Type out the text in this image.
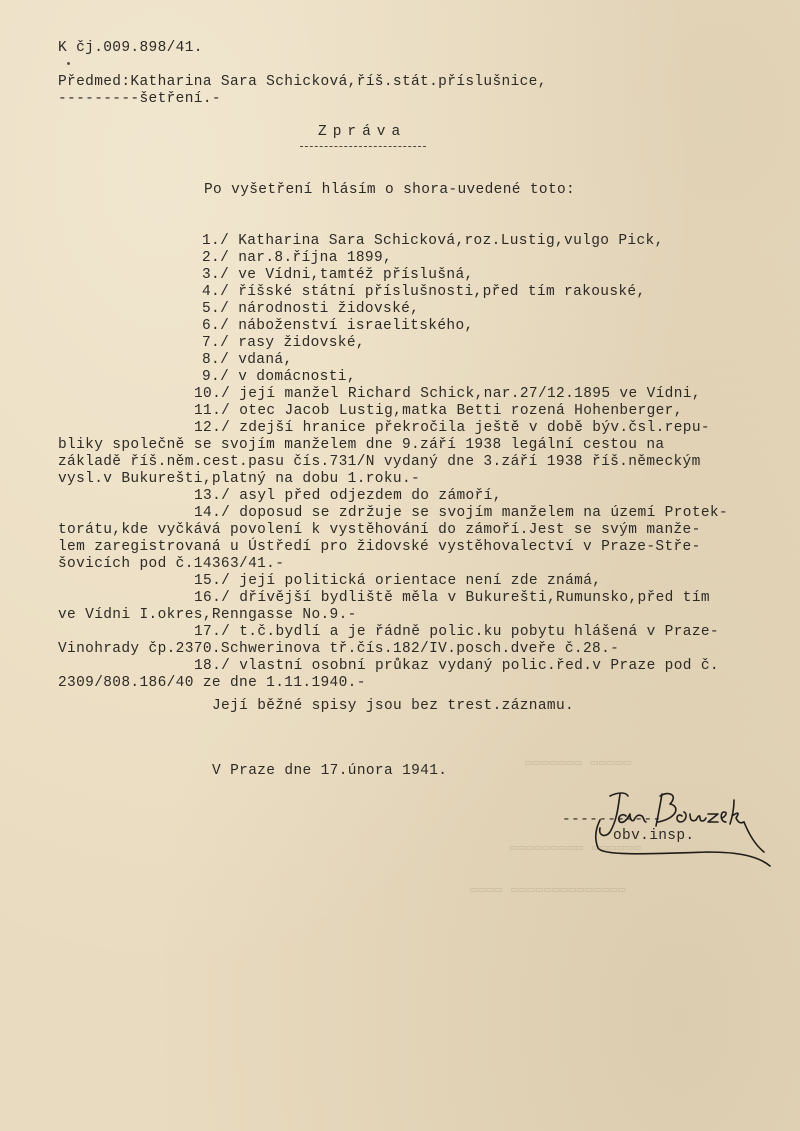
K čj.009.898/41.
Předmed:Katharina Sara Schicková,říš.stát.příslušnice,
---------šetření.-
Zpráva
Po vyšetření hlásím o shora-uvedené toto:
1./ Katharina Sara Schicková,roz.Lustig,vulgo Pick,
2./ nar.8.října 1899,
3./ ve Vídni,tamtéž příslušná,
4./ říšské státní příslušnosti,před tím rakouské,
5./ národnosti židovské,
6./ náboženství israelitského,
7./ rasy židovské,
8./ vdaná,
9./ v domácnosti,
10./ její manžel Richard Schick,nar.27/12.1895 ve Vídni,
11./ otec Jacob Lustig,matka Betti rozená Hohenberger,
12./ zdejší hranice překročila ještě v době býv.čsl.repu-
bliky společně se svojím manželem dne 9.září 1938 legální cestou na
základě říš.něm.cest.pasu čís.731/N vydaný dne 3.září 1938 říš.německým
vysl.v Bukurešti,platný na dobu 1.roku.-
13./ asyl před odjezdem do zámoří,
14./ doposud se zdržuje se svojím manželem na území Protek-
torátu,kde vyčkává povolení k vystěhování do zámoří.Jest se svým manže-
lem zaregistrovaná u Ústředí pro židovské vystěhovalectví v Praze-Stře-
šovicích pod č.14363/41.-
15./ její politická orientace není zde známá,
16./ dřívější bydliště měla v Bukurešti,Rumunsko,před tím
ve Vídni I.okres,Renngasse No.9.-
17./ t.č.bydlí a je řádně polic.ku pobytu hlášená v Praze-
Vinohrady čp.2370.Schwerinova tř.čís.182/IV.posch.dveře č.28.-
18./ vlastní osobní průkaz vydaný polic.řed.v Praze pod č.
2309/808.186/40 ze dne 1.11.1940.-
Její běžné spisy jsou bez trest.záznamu.
V Praze dne 17.února 1941.	▭▭▭▭▭▭▭ ▭▭▭▭▭
▭▭▭▭▭▭▭▭▭ ▭▭▭▭▭▭
▭▭▭▭ ▭▭▭▭▭▭▭▭▭▭▭▭▭▭
-----------
obv.insp.
